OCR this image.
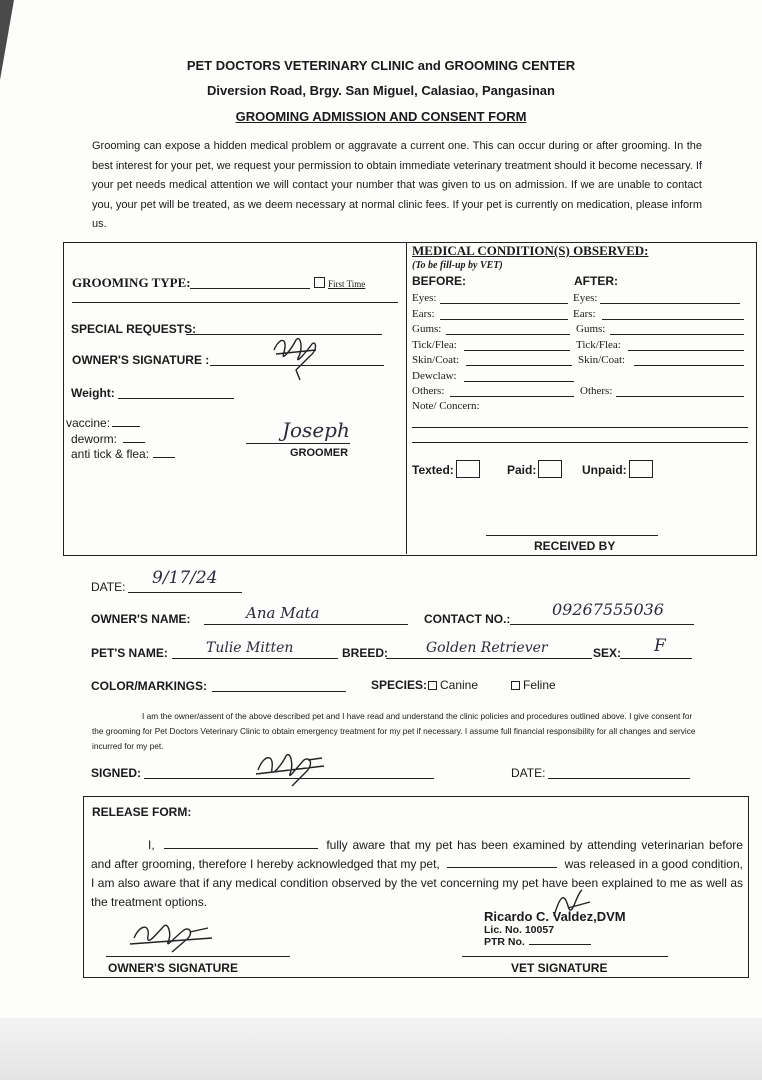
PET DOCTORS VETERINARY CLINIC and GROOMING CENTER
Diversion Road, Brgy. San Miguel, Calasiao, Pangasinan
GROOMING ADMISSION AND CONSENT FORM
Grooming can expose a hidden medical problem or aggravate a current one. This can occur during or after grooming. In the best interest for your pet, we request your permission to obtain immediate veterinary treatment should it become necessary. If your pet needs medical attention we will contact your number that was given to us on admission. If we are unable to contact you, your pet will be treated, as we deem necessary at normal clinic fees. If your pet is currently on medication, please inform us.
GROOMING TYPE:	First Time
SPECIAL REQUESTS:
OWNER'S SIGNATURE :
Weight:
vaccine:
deworm:
anti tick & flea:
Joseph
GROOMER
MEDICAL CONDITION(S) OBSERVED:
(To be fill-up by VET)
BEFORE:	AFTER:
Eyes:	Eyes:
Ears:	Ears:
Gums:	Gums:
Tick/Flea:	Tick/Flea:
Skin/Coat:	Skin/Coat:
Dewclaw:
Others:	Others:
Note/ Concern:
Texted:	Paid:	Unpaid:
RECEIVED BY
DATE: 9/17/24
OWNER'S NAME:	Ana Mata	CONTACT NO.:	09267555036
PET'S NAME:	Tulie Mitten	BREED:	Golden Retriever	SEX: F
COLOR/MARKINGS:	SPECIES:	Canine	Feline
I am the owner/assent of the above described pet and I have read and understand the clinic policies and procedures outlined above. I give consent for the grooming for Pet Doctors Veterinary Clinic to obtain emergency treatment for my pet if necessary. I assume full financial responsibility for all changes and service incurred for my pet.
SIGNED:	DATE:
RELEASE FORM:
I,	fully aware that my pet has been examined by attending veterinarian before and after grooming, therefore I hereby acknowledged that my pet,	was released in a good condition, I am also aware that if any medical condition observed by the vet concerning my pet have been explained to me as well as the treatment options.
OWNER'S SIGNATURE
Ricardo C. Valdez,DVM
Lic. No. 10057
PTR No.
VET SIGNATURE
